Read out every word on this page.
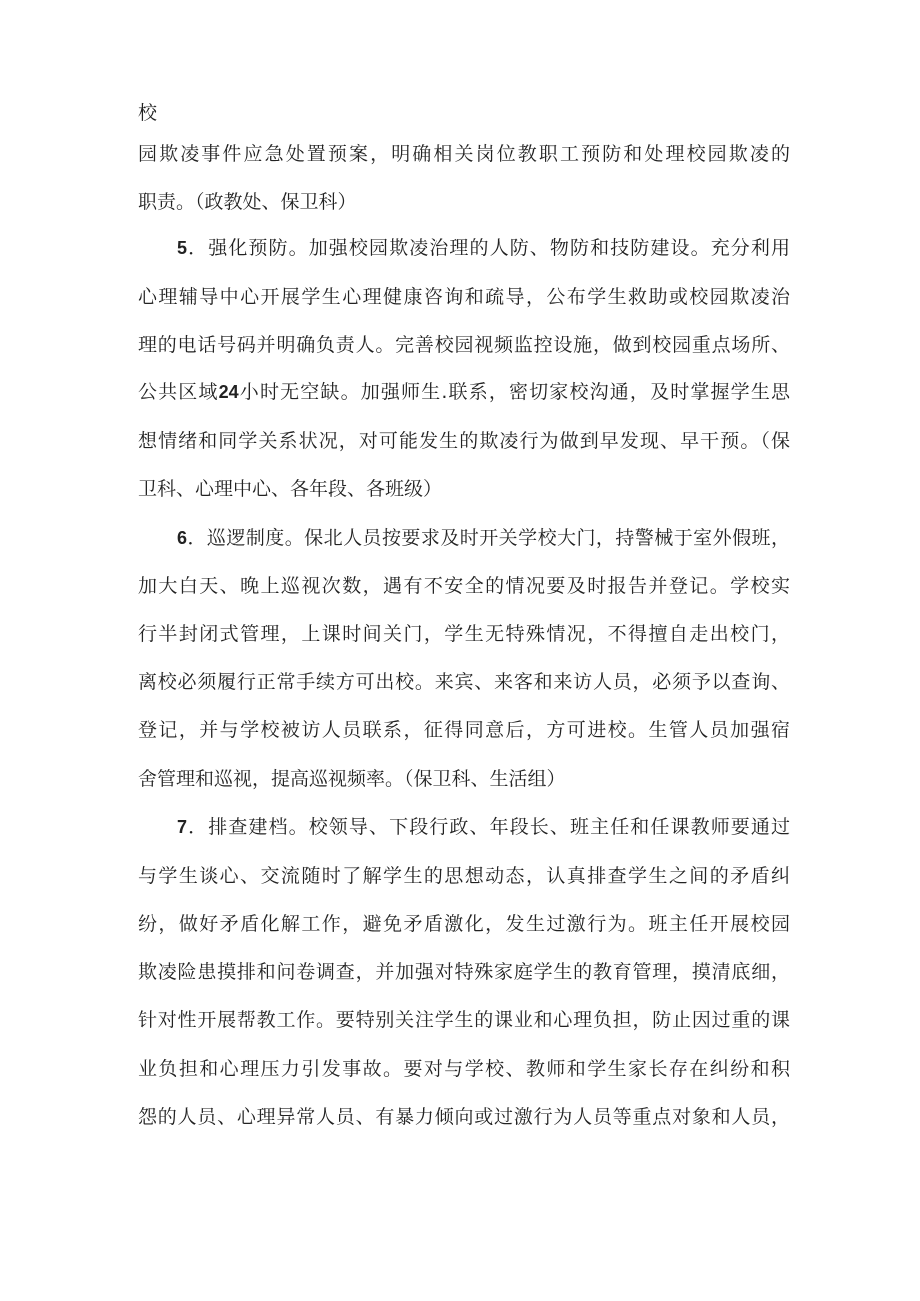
校
园欺凌事件应急处置预案，明确相关岗位教职工预防和处理校园欺凌的
职责。（政教处、保卫科）
5．强化预防。加强校园欺凌治理的人防、物防和技防建设。充分利用
心理辅导中心开展学生心理健康咨询和疏导，公布学生救助或校园欺凌治
理的电话号码并明确负责人。完善校园视频监控设施，做到校园重点场所、
公共区域24小时无空缺。加强师生.联系，密切家校沟通，及时掌握学生思
想情绪和同学关系状况，对可能发生的欺凌行为做到早发现、早干预。（保
卫科、心理中心、各年段、各班级）
6．巡逻制度。保北人员按要求及时开关学校大门，持警械于室外假班，
加大白天、晚上巡视次数，遇有不安全的情况要及时报告并登记。学校实
行半封闭式管理，上课时间关门，学生无特殊情况，不得擅自走出校门，
离校必须履行正常手续方可出校。来宾、来客和来访人员，必须予以查询、
登记，并与学校被访人员联系，征得同意后，方可进校。生管人员加强宿
舍管理和巡视，提高巡视频率。（保卫科、生活组）
7．排查建档。校领导、下段行政、年段长、班主任和任课教师要通过
与学生谈心、交流随时了解学生的思想动态，认真排查学生之间的矛盾纠
纷，做好矛盾化解工作，避免矛盾激化，发生过激行为。班主任开展校园
欺凌险患摸排和问卷调查，并加强对特殊家庭学生的教育管理，摸清底细，
针对性开展帮教工作。要特别关注学生的课业和心理负担，防止因过重的课
业负担和心理压力引发事故。要对与学校、教师和学生家长存在纠纷和积
怨的人员、心理异常人员、有暴力倾向或过激行为人员等重点对象和人员，
